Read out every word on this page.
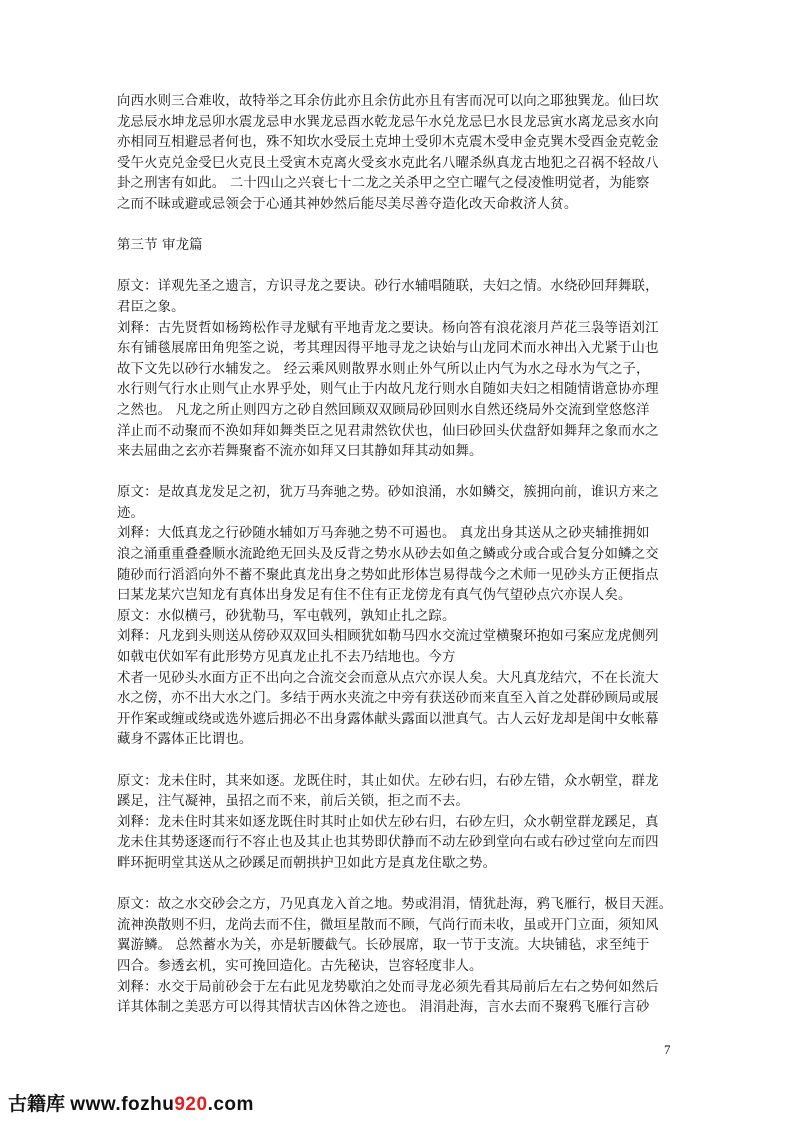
向西水则三合难收，故特举之耳余仿此亦且余仿此亦且有害而况可以向之耶独巽龙。仙曰坎
龙忌辰水坤龙忌卯水震龙忌申水巽龙忌酉水乾龙忌午水兑龙忌巳水艮龙忌寅水离龙忌亥水向
亦相同互相避忌者何也，殊不知坎水受辰土克坤土受卯木克震木受申金克巽木受酉金克乾金
受午火克兑金受巳火克艮土受寅木克离火受亥水克此名八曜杀纵真龙古地犯之召祸不轻故八
卦之刑害有如此。 二十四山之兴衰七十二龙之关杀甲之空亡曜气之侵凌惟明觉者，为能察
之而不昧或避或忌领会于心通其神妙然后能尽美尽善夺造化改天命救济人贫。
第三节 审龙篇
原文：详观先圣之遗言，方识寻龙之要诀。砂行水辅唱随联，夫妇之情。水绕砂回拜舞联，
君臣之象。
刘释：古先贤哲如杨筠松作寻龙赋有平地青龙之要诀。杨向答有浪花滚月芦花三袅等语刘江
东有铺毯展席田角兜筌之说，考其理因得平地寻龙之诀始与山龙同术而水神出入尤紧于山也
故下文先以砂行水辅发之。 经云乘风则散界水则止外气所以止内气为水之母水为气之子，
水行则气行水止则气止水界乎处，则气止于内故凡龙行则水自随如夫妇之相随情谐意协亦理
之然也。 凡龙之所止则四方之砂自然回顾双双顾局砂回则水自然还绕局外交流到堂悠悠洋
洋止而不动聚而不涣如拜如舞类臣之见君肃然钦伏也，仙曰砂回头伏盘舒如舞拜之象而水之
来去屈曲之玄亦若舞聚畜不流亦如拜又曰其静如拜其动如舞。
原文：是故真龙发足之初，犹万马奔驰之势。砂如浪涌，水如鳞交，簇拥向前，谁识方来之
迹。
刘释：大低真龙之行砂随水辅如万马奔驰之势不可遏也。 真龙出身其送从之砂夹辅推拥如
浪之涌重重叠叠顺水流跄绝无回头及反背之势水从砂去如鱼之鳞或分或合或合复分如鳞之交
随砂而行滔滔向外不蓄不聚此真龙出身之势如此形体岂易得哉今之术师一见砂头方正便指点
曰某龙某穴岂知龙有真体出身发足有住不住有正龙傍龙有真气伪气望砂点穴亦误人矣。
原文：水似横弓，砂犹勒马，军屯戟列，孰知止扎之踪。
刘释：凡龙到头则送从傍砂双双回头相顾犹如勒马四水交流过堂横聚环抱如弓案应龙虎侧列
如戟屯伏如军有此形势方见真龙止扎不去乃结地也。今方
术者一见砂头水面方正不出向之合流交会而意从点穴亦误人矣。大凡真龙结穴，不在长流大
水之傍，亦不出大水之门。多结于两水夹流之中旁有获送砂而来直至入首之处群砂顾局或展
开作案或缠或绕或选外遮后拥必不出身露体献头露面以泄真气。古人云好龙却是闺中女帐幕
藏身不露体正比谓也。
原文：龙未住时，其来如逐。龙既住时，其止如伏。左砂右归，右砂左错，众水朝堂，群龙
蹊足，注气凝神，虽招之而不来，前后关锁，拒之而不去。
刘释：龙未住时其来如逐龙既住时其时止如伏左砂右归，右砂左归，众水朝堂群龙蹊足，真
龙未住其势逐逐而行不容止也及其止也其势即伏静而不动左砂到堂向右或右砂过堂向左而四
畔环扼明堂其送从之砂蹊足而朝拱护卫如此方是真龙住歇之势。
原文：故之水交砂会之方，乃见真龙入首之地。势或涓涓，情犹赴海，鸦飞雁行，极目天涯。
流神涣散则不归，龙尚去而不住，微垣星散而不顾，气尚行而未收，虽或开门立面，须知风
翼游鳞。 总然蓄水为关，亦是斩腰截气。长砂展席，取一节于支流。大块铺毡，求至纯于
四合。参透玄机，实可挽回造化。古先秘诀，岂容轻度非人。
刘释：水交于局前砂会于左右此见龙势歇泊之处而寻龙必须先看其局前后左右之势何如然后
详其体制之美恶方可以得其情状吉凶休咎之迹也。 涓涓赴海，言水去而不聚鸦飞雁行言砂
7
古籍库 www.fozhu920.com
